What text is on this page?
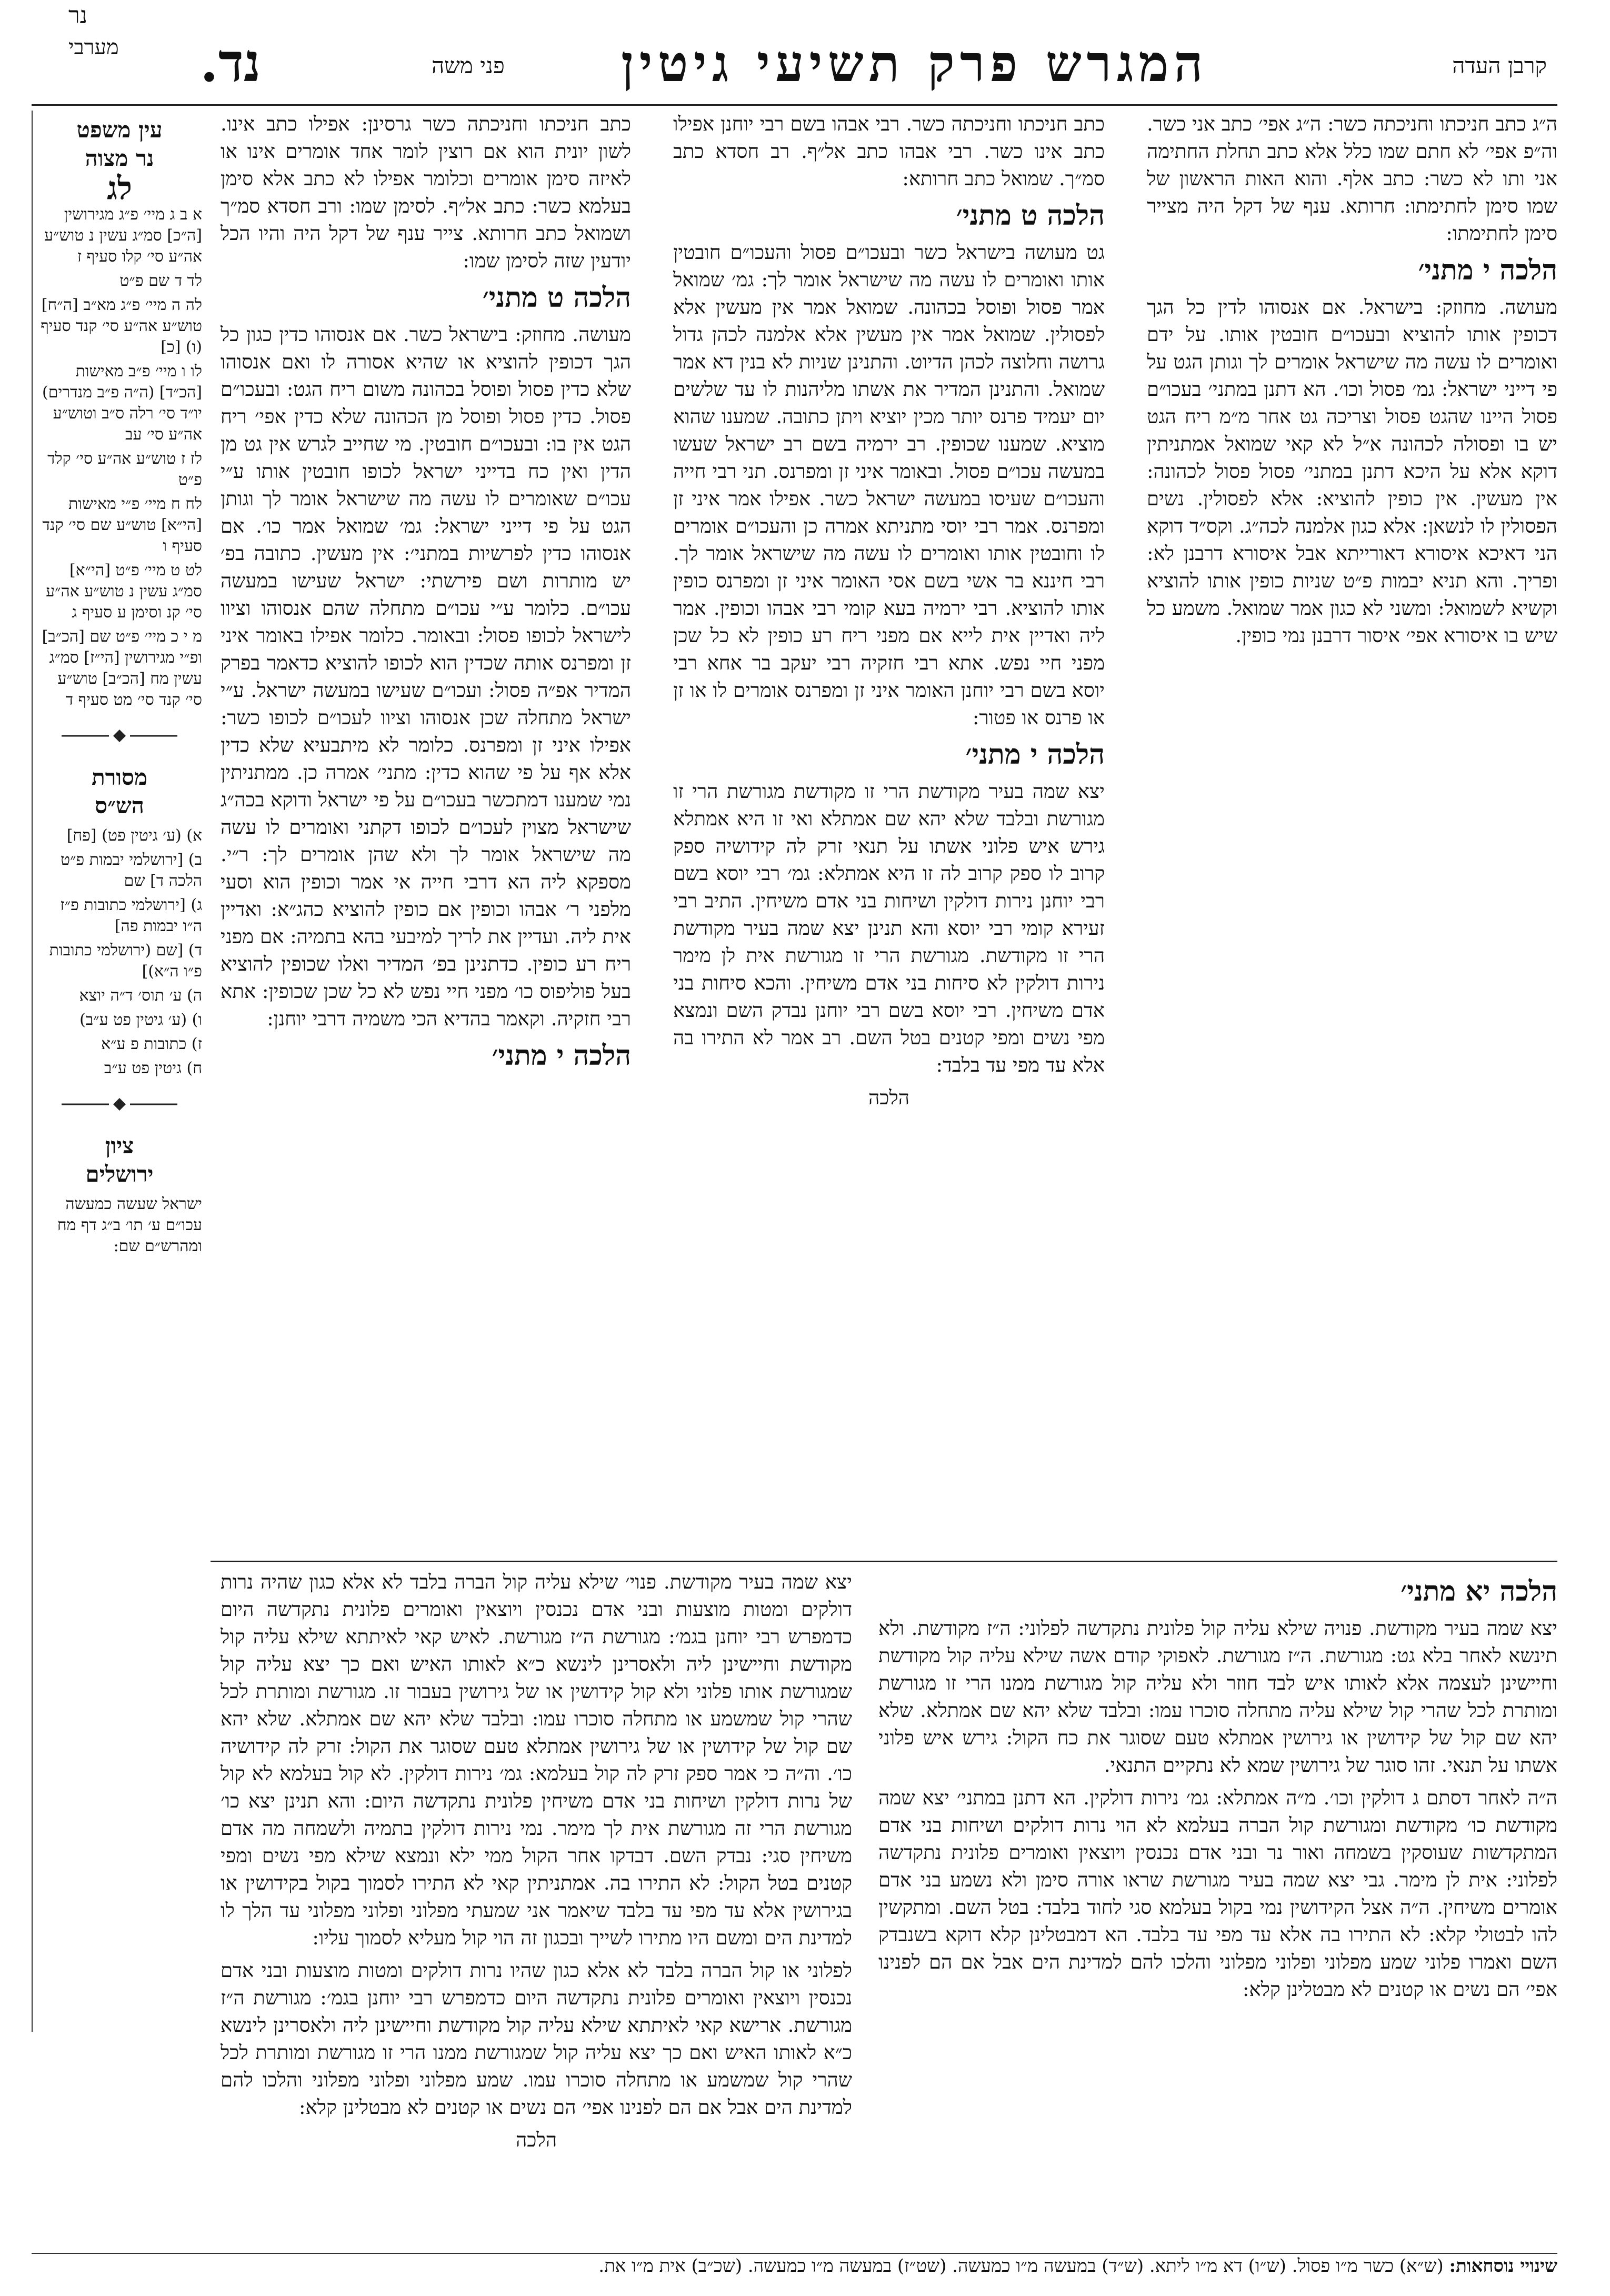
נר
מערבי	נד.	פני משה המגרש פרק תשיעי גיטין	קרבן העדה
עין משפט
נר מצוה
לג
א ב ג מיי׳ פ״ג מגירושין [ה״כ] סמ״ג עשין נ טוש״ע אה״ע סי׳ קלו סעיף ז
לד ד שם פ״ט
לה ה מיי׳ פ״ג מא״ב [ה״ח] טוש״ע אה״ע סי׳ קנד סעיף (ו) [כ]
לו ו מיי׳ פ״ב מאישות [הכ״ד] (ה״ה פ״ב מנדרים) יו״ד סי׳ רלה ס״ב וטוש״ע אה״ע סי׳ עב
לז ז טוש״ע אה״ע סי׳ קלד פ״ט
לח ח מיי׳ פ״י מאישות [הי״א] טוש״ע שם סי׳ קנד סעיף ו
לט ט מיי׳ פ״ט [הי״א] סמ״ג עשין נ טוש״ע אה״ע סי׳ קנ וסימן ע סעיף ג
מ י כ מיי׳ פ״ט שם [הכ״ב] ופ״י מגירושין [הי״ז] סמ״ג עשין מח [הכ״ב] טוש״ע סי׳ קנד סי׳ מט סעיף ד
מסורת
הש״ס
א) (ע׳ גיטין פט) [פח]
ב) [ירושלמי יבמות פ״ט הלכה ד] שם
ג) [ירושלמי כתובות פ״ז ה״ו יבמות פה]
ד) [שם (ירושלמי כתובות פ״ו ה״א)]
ה) ע׳ תוס׳ ד״ה יוצא
ו) (ע׳ גיטין פט ע״ב)
ז) כתובות פ ע״א
ח) גיטין פט ע״ב
ציון
ירושלים
ישראל שעשה כמעשה עכו״ם ע׳ תו׳ ב״ג דף מח ומהרש״ם שם:

ה״ג כתב חניכתו וחניכתה כשר: ה״ג אפי׳ כתב אני כשר. וה״פ אפי׳ לא חתם שמו כלל אלא כתב תחלת החתימה אני ותו לא כשר: כתב אלף. והוא האות הראשון של שמו סימן לחתימתו: חרותא. ענף של דקל היה מצייר סימן לחתימתו:

הלכה י מתני׳

מעושה. מחוזק: בישראל. אם אנסוהו לדין כל הגך דכופין אותו להוציא ובעכו״ם חובטין אותו. על ידם ואומרים לו עשה מה שישראל אומרים לך וגותן הגט על פי דייני ישראל: גמ׳ פסול וכו׳. הא דתנן במתני׳ בעכו״ם פסול היינו שהגט פסול וצריכה גט אחר מ״מ ריח הגט יש בו ופסולה לכהונה א״ל לא קאי שמואל אמתניתין דוקא אלא על היכא דתנן במתני׳ פסול פסול לכהונה: אין מעשין. אין כופין להוציא: אלא לפסולין. נשים הפסולין לו לנשאן: אלא כגון אלמנה לכה״ג. וקס״ד דוקא הני דאיכא איסורא דאורייתא אבל איסורא דרבנן לא: ופריך. והא תניא יבמות פ״ט שניות כופין אותו להוציא וקשיא לשמואל: ומשני לא כגון אמר שמואל. משמע כל שיש בו איסורא אפי׳ איסור דרבנן נמי כופין.

כתב חניכתו וחניכתה כשר. רבי אבהו בשם רבי יוחנן אפילו כתב אינו כשר. רבי אבהו כתב אל״ף. רב חסדא כתב סמ״ך. שמואל כתב חרותא:

הלכה ט מתני׳

גט מעושה בישראל כשר ובעכו״ם פסול והעכו״ם חובטין אותו ואומרים לו עשה מה שישראל אומר לך: גמ׳ שמואל אמר פסול ופוסל בכהונה. שמואל אמר אין מעשין אלא לפסולין. שמואל אמר אין מעשין אלא אלמנה לכהן גדול גרושה וחלוצה לכהן הדיוט. והתנינן שניות לא בנין דא אמר שמואל. והתנינן המדיר את אשתו מליהנות לו עד שלשים יום יעמיד פרנס יותר מכין יוציא ויתן כתובה. שמענו שהוא מוציא. שמענו שכופין. רב ירמיה בשם רב ישראל שעשו במעשה עכו״ם פסול. ובאומר איני זן ומפרנס. תני רבי חייה והעכו״ם שעיסו במעשה ישראל כשר. אפילו אמר איני זן ומפרנס. אמר רבי יוסי מתניתא אמרה כן והעכו״ם אומרים לו וחובטין אותו ואומרים לו עשה מה שישראל אומר לך. רבי חיננא בר אשי בשם אסי האומר איני זן ומפרנס כופין אותו להוציא. רבי ירמיה בעא קומי רבי אבהו וכופין. אמר ליה ואדיין אית לייא אם מפני ריח רע כופין לא כל שכן מפני חיי נפש. אתא רבי חזקיה רבי יעקב בר אחא רבי יוסא בשם רבי יוחנן האומר איני זן ומפרנס אומרים לו או זן או פרנס או פטור:

הלכה י מתני׳

יצא שמה בעיר מקודשת הרי זו מקודשת מגורשת הרי זו מגורשת ובלבד שלא יהא שם אמתלא ואי זו היא אמתלא גירש איש פלוני אשתו על תנאי זרק לה קידושיה ספק קרוב לו ספק קרוב לה זו היא אמתלא: גמ׳ רבי יוסא בשם רבי יוחנן נירות דולקין ושיחות בני אדם משיחין. התיב רבי זעירא קומי רבי יוסא והא תנינן יצא שמה בעיר מקודשת הרי זו מקודשת. מגורשת הרי זו מגורשת אית לן מימר נירות דולקין לא סיחות בני אדם משיחין. והכא סיחות בני אדם משיחין. רבי יוסא בשם רבי יוחנן נבדק השם ונמצא מפי נשים ומפי קטנים בטל השם. רב אמר לא התירו בה אלא עד מפי עד בלבד:

הלכה

כתב חניכתו וחניכתה כשר גרסינן: אפילו כתב אינו. לשון יונית הוא אם רוצין לומר אחד אומרים אינו או לאיזה סימן אומרים וכלומר אפילו לא כתב אלא סימן בעלמא כשר: כתב אל״ף. לסימן שמו: ורב חסדא סמ״ך ושמואל כתב חרותא. צייר ענף של דקל היה והיו הכל יודעין שזה לסימן שמו:

הלכה ט מתני׳

מעושה. מחוזק: בישראל כשר. אם אנסוהו כדין כגון כל הגך דכופין להוציא או שהיא אסורה לו ואם אנסוהו שלא כדין פסול ופוסל בכהונה משום ריח הגט: ובעכו״ם פסול. כדין פסול ופוסל מן הכהונה שלא כדין אפי׳ ריח הגט אין בו: ובעכו״ם חובטין. מי שחייב לגרש אין גט מן הדין ואין כח בדייני ישראל לכופו חובטין אותו ע״י עכו״ם שאומרים לו עשה מה שישראל אומר לך וגותן הגט על פי דייני ישראל: גמ׳ שמואל אמר כו׳. אם אנסוהו כדין לפרשיות במתני׳: אין מעשין. כתובה בפ׳ יש מותרות ושם פירשתי: ישראל שעישו במעשה עכו״ם. כלומר ע״י עכו״ם מתחלה שהם אנסוהו וציוו לישראל לכופו פסול: ובאומר. כלומר אפילו באומר איני זן ומפרנס אותה שכדין הוא לכופו להוציא כדאמר בפרק המדיר אפ״ה פסול: ועכו״ם שעישו במעשה ישראל. ע״י ישראל מתחלה שכן אנסוהו וציוו לעכו״ם לכופו כשר: אפילו איני זן ומפרנס. כלומר לא מיתבעיא שלא כדין אלא אף על פי שהוא כדין: מתני׳ אמרה כן. ממתניתין נמי שמענו דמתכשר בעכו״ם על פי ישראל ודוקא בכה״ג שישראל מצוין לעכו״ם לכופו דקתני ואומרים לו עשה מה שישראל אומר לך ולא שהן אומרים לך: ר״י. מספקא ליה הא דרבי חייה אי אמר וכופין הוא וסעי מלפני ר׳ אבהו וכופין אם כופין להוציא כהג״א: ואדיין אית ליה. ועדיין את לריך למיבעי בהא בתמיה: אם מפני ריח רע כופין. כדתנינן בפ׳ המדיר ואלו שכופין להוציא בעל פוליפוס כו׳ מפני חיי נפש לא כל שכן שכופין: אתא רבי חזקיה. וקאמר בהדיא הכי משמיה דרבי יוחנן:

הלכה י מתני׳
הלכה יא מתני׳

יצא שמה בעיר מקודשת. פנויה שילא עליה קול פלונית נתקדשה לפלוני: ה״ז מקודשת. ולא תינשא לאחר בלא גט: מגורשת. ה״ז מגורשת. לאפוקי קודם אשה שילא עליה קול מקודשת וחיישינן לעצמה אלא לאותו איש לבד חוזר ולא עליה קול מגורשת ממנו הרי זו מגורשת ומותרת לכל שהרי קול שילא עליה מתחלה סוכרו עמו: ובלבד שלא יהא שם אמתלא. שלא יהא שם קול של קידושין או גירושין אמתלא טעם שסוגר את כח הקול: גירש איש פלוני אשתו על תנאי. זהו סוגר של גירושין שמא לא נתקיים התנאי.

ה״ה לאחר דסתם ג דולקין וכו׳. מ״ה אמתלא: גמ׳ נירות דולקין. הא דתנן במתני׳ יצא שמה מקודשת כו׳ מקודשת ומגורשת קול הברה בעלמא לא הוי נרות דולקים ושיחות בני אדם המתקדשות שעוסקין בשמחה ואור נר ובני אדם נכנסין ויוצאין ואומרים פלונית נתקדשה לפלוני: אית לן מימר. גבי יצא שמה בעיר מגורשת שראו אורה סימן ולא נשמע בני אדם אומרים משיחין. ה״ה אצל הקידושין נמי בקול בעלמא סגי לחוד בלבד: בטל השם. ומתקשין להו לבטולי קלא: לא התירו בה אלא עד מפי עד בלבד. הא דמבטלינן קלא דוקא בשנבדק השם ואמרו פלוני שמע מפלוני ופלוני מפלוני והלכו להם למדינת הים אבל אם הם לפנינו אפי׳ הם נשים או קטנים לא מבטלינן קלא:

יצא שמה בעיר מקודשת. פנוי׳ שילא עליה קול הברה בלבד לא אלא כגון שהיה נרות דולקים ומטות מוצעות ובני אדם נכנסין ויוצאין ואומרים פלונית נתקדשה היום כדמפרש רבי יוחנן בגמ׳: מגורשת ה״ז מגורשת. לאיש קאי לאיתתא שילא עליה קול מקודשת וחיישינן ליה ולאסרינן לינשא כ״א לאותו האיש ואם כך יצא עליה קול שמגורשת אותו פלוני ולא קול קידושין או של גירושין בעבור זו. מגורשת ומותרת לכל שהרי קול שמשמע או מתחלה סוכרו עמו: ובלבד שלא יהא שם אמתלא. שלא יהא שם קול של קידושין או של גירושין אמתלא טעם שסוגר את הקול: זרק לה קידושיה כו׳. וה״ה כי אמר ספק זרק לה קול בעלמא: גמ׳ נירות דולקין. לא קול בעלמא לא קול של נרות דולקין ושיחות בני אדם משיחין פלונית נתקדשה היום: והא תנינן יצא כו׳ מגורשת הרי זה מגורשת אית לך מימר. נמי נירות דולקין בתמיה ולשמחה מה אדם משיחין סגי: נבדק השם. דבדקו אחר הקול ממי ילא ונמצא שילא מפי נשים ומפי קטנים בטל הקול: לא התירו בה. אמתניתין קאי לא התירו לסמוך בקול בקידושין או בגירושין אלא עד מפי עד בלבד שיאמר אני שמעתי מפלוני ופלוני מפלוני עד הלך לו למדינת הים ומשם היו מתירו לשייך ובכגון זה הוי קול מעליא לסמוך עליו:

לפלוני או קול הברה בלבד לא אלא כגון שהיו נרות דולקים ומטות מוצעות ובני אדם נכנסין ויוצאין ואומרים פלונית נתקדשה היום כדמפרש רבי יוחנן בגמ׳: מגורשת ה״ז מגורשת. ארישא קאי לאיתתא שילא עליה קול מקודשת וחיישינן ליה ולאסרינן לינשא כ״א לאותו האיש ואם כך יצא עליה קול שמגורשת ממנו הרי זו מגורשת ומותרת לכל שהרי קול שמשמע או מתחלה סוכרו עמו. שמע מפלוני ופלוני מפלוני והלכו להם למדינת הים אבל אם הם לפנינו אפי׳ הם נשים או קטנים לא מבטלינן קלא:

הלכה
שינויי נוסחאות: (ש״א) כשר מ״ו פסול. (ש״ו) דא מ״ו ליתא. (ש״ד) במעשה מ״ו כמעשה. (שט״ז) במעשה מ״ו כמעשה. (שכ״ב) אית מ״ו את.
